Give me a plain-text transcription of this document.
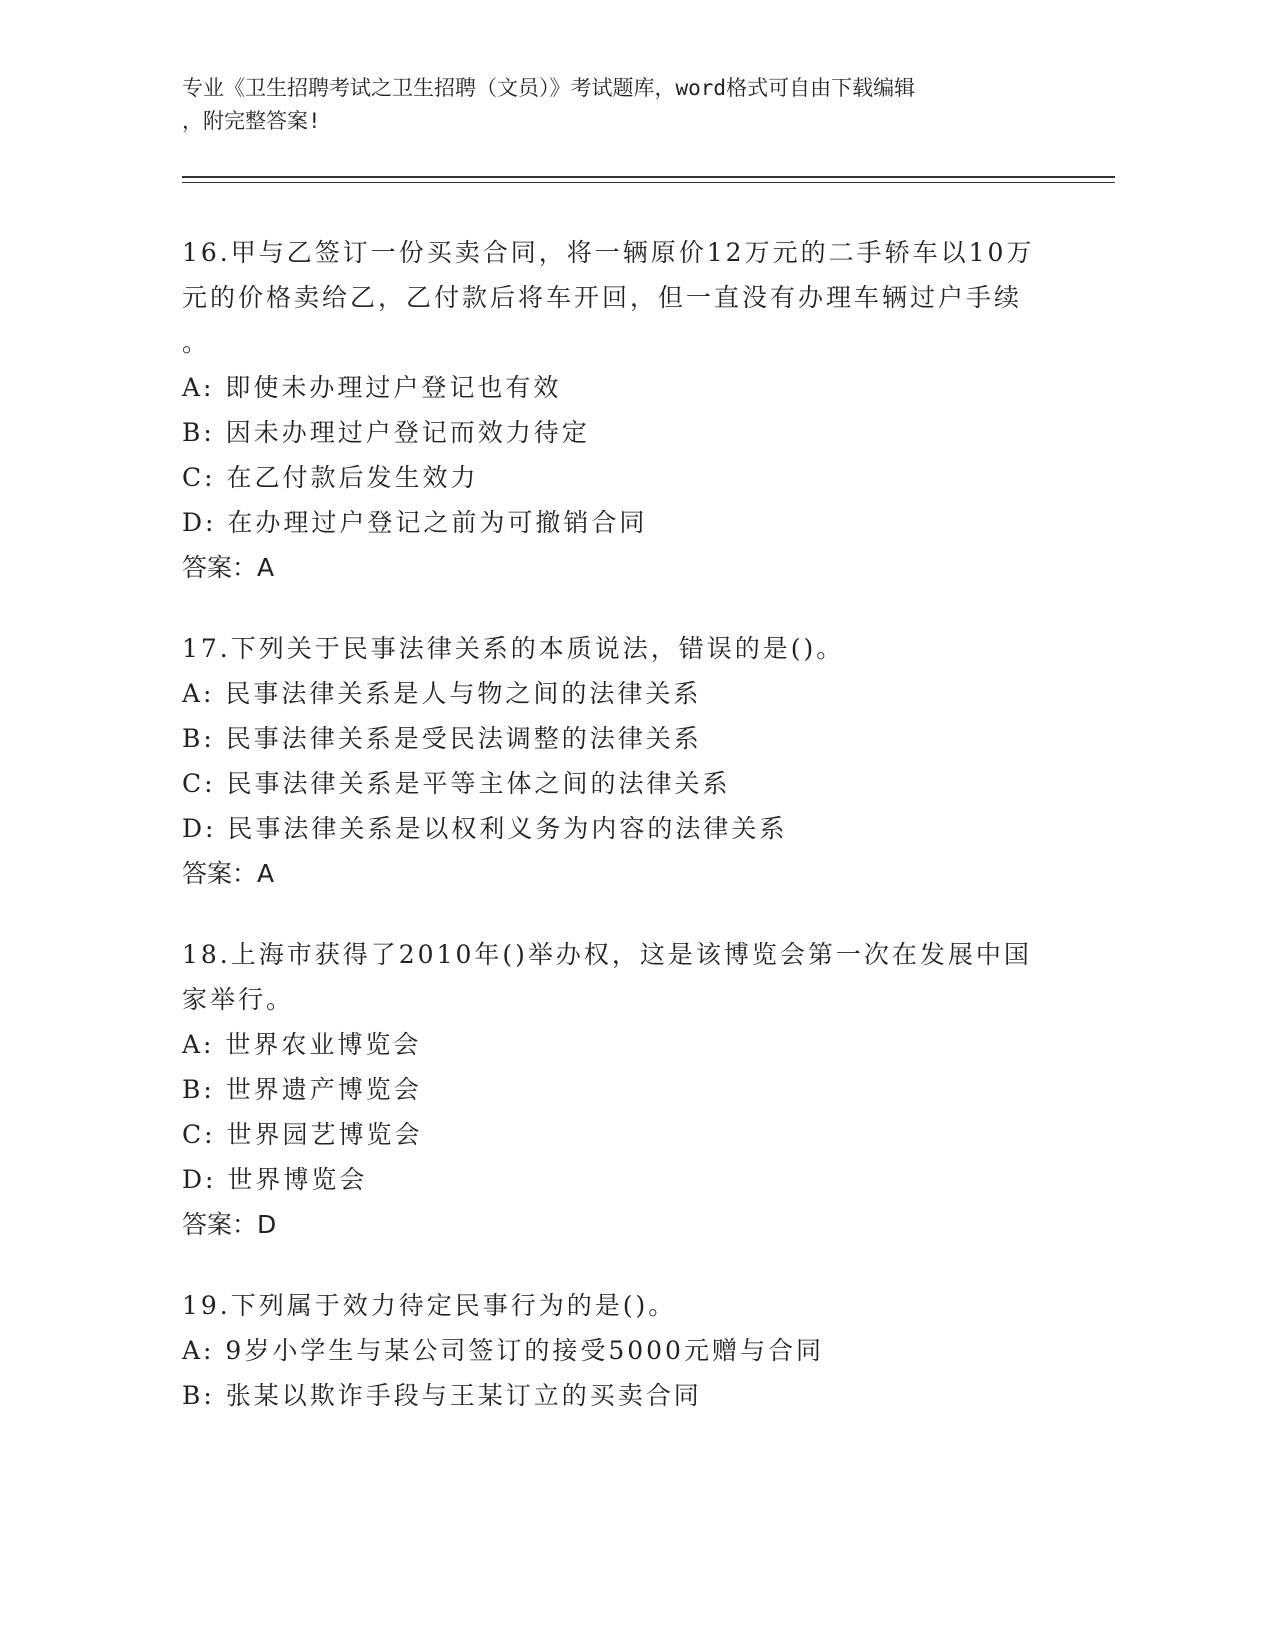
专业《卫生招聘考试之卫生招聘（文员）》考试题库，word格式可自由下载编辑
，附完整答案!
16.甲与乙签订一份买卖合同，将一辆原价12万元的二手轿车以10万
元的价格卖给乙，乙付款后将车开回，但一直没有办理车辆过户手续
。
A: 即使未办理过户登记也有效
B: 因未办理过户登记而效力待定
C: 在乙付款后发生效力
D: 在办理过户登记之前为可撤销合同
答案：A
17.下列关于民事法律关系的本质说法，错误的是()。
A: 民事法律关系是人与物之间的法律关系
B: 民事法律关系是受民法调整的法律关系
C: 民事法律关系是平等主体之间的法律关系
D: 民事法律关系是以权利义务为内容的法律关系
答案：A
18.上海市获得了2010年()举办权，这是该博览会第一次在发展中国
家举行。
A: 世界农业博览会
B: 世界遗产博览会
C: 世界园艺博览会
D: 世界博览会
答案：D
19.下列属于效力待定民事行为的是()。
A: 9岁小学生与某公司签订的接受5000元赠与合同
B: 张某以欺诈手段与王某订立的买卖合同
